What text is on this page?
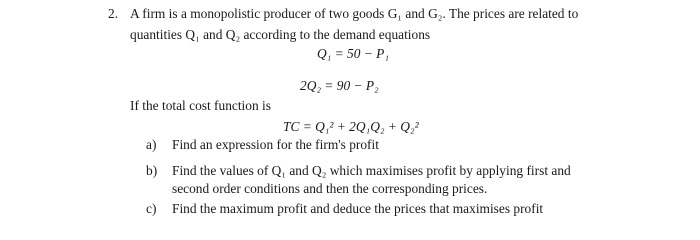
2. A firm is a monopolistic producer of two goods G₁ and G₂. The prices are related to
quantities Q₁ and Q₂ according to the demand equations
Q₁ = 50 − P₁
2Q₂ = 90 − P₂
If the total cost function is
TC = Q₁² + 2Q₁Q₂ + Q₂²
a) Find an expression for the firm's profit
b) Find the values of Q₁ and Q₂ which maximises profit by applying first and
second order conditions and then the corresponding prices.
c) Find the maximum profit and deduce the prices that maximises profit
